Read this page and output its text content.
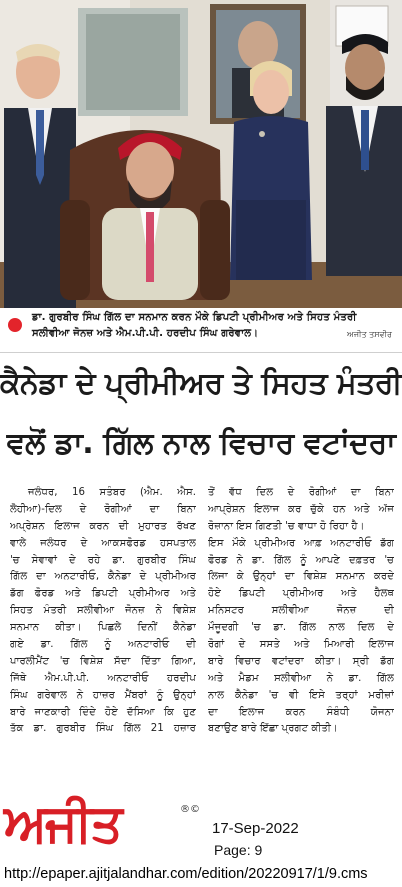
ਡਾ. ਗੁਰਬੀਰ ਸਿੰਘ ਗਿੱਲ ਦਾ ਸਨਮਾਨ ਕਰਨ ਮੌਕੇ ਡਿਪਟੀ ਪ੍ਰੀਮੀਅਰ ਅਤੇ ਸਿਹਤ ਮੰਤਰੀ
ਸਲੀਵੀਆ ਜੋਨਜ਼ ਅਤੇ ਐਮ.ਪੀ.ਪੀ. ਹਰਦੀਪ ਸਿੰਘ ਗਰੇਵਾਲ।	ਅਜੀਤ ਤਸਵੀਰ
ਕੈਨੇਡਾ ਦੇ ਪ੍ਰੀਮੀਅਰ ਤੇ ਸਿਹਤ ਮੰਤਰੀ
ਵਲੋਂ ਡਾ. ਗਿੱਲ ਨਾਲ ਵਿਚਾਰ ਵਟਾਂਦਰਾ
ਜਲੰਧਰ, 16 ਸਤੰਬਰ (ਐਮ. ਐਸ.
ਲੋਹੀਆ)-ਦਿਲ ਦੇ ਰੋਗੀਆਂ ਦਾ ਬਿਨਾ
ਅਪ੍ਰੇਸ਼ਨ ਇਲਾਜ ਕਰਨ ਦੀ ਮੁਹਾਰਤ ਰੱਖਣ
ਵਾਲੇ ਜਲੰਧਰ ਦੇ ਆਕਸਫੋਰਡ ਹਸਪਤਾਲ
'ਚ ਸੇਵਾਵਾਂ ਦੇ ਰਹੇ ਡਾ. ਗੁਰਬੀਰ ਸਿੰਘ
ਗਿੱਲ ਦਾ ਅਨਟਾਰੀਓ, ਕੈਨੇਡਾ ਦੇ ਪ੍ਰੀਮੀਅਰ
ਡੱਗ ਫੋਰਡ ਅਤੇ ਡਿਪਟੀ ਪ੍ਰੀਮੀਅਰ ਅਤੇ
ਸਿਹਤ ਮੰਤਰੀ ਸਲੀਵੀਆ ਜੋਨਜ਼ ਨੇ ਵਿਸ਼ੇਸ਼
ਸਨਮਾਨ ਕੀਤਾ। ਪਿਛਲੇ ਦਿਨੀਂ ਕੈਨੇਡਾ
ਗਏ ਡਾ. ਗਿੱਲ ਨੂੰ ਅਨਟਾਰੀਓ ਦੀ
ਪਾਰਲੀਮੈਂਟ 'ਚ ਵਿਸ਼ੇਸ਼ ਸੱਦਾ ਦਿੱਤਾ ਗਿਆ,
ਜਿੱਥੇ ਐਮ.ਪੀ.ਪੀ. ਅਨਟਾਰੀਓ ਹਰਦੀਪ
ਸਿੰਘ ਗਰੇਵਾਲ ਨੇ ਹਾਜ਼ਰ ਮੈਂਬਰਾਂ ਨੂੰ ਉਨ੍ਹਾਂ
ਬਾਰੇ ਜਾਣਕਾਰੀ ਦਿੰਦੇ ਹੋਏ ਦੱਸਿਆ ਕਿ ਹੁਣ
ਤੱਕ ਡਾ. ਗੁਰਬੀਰ ਸਿੰਘ ਗਿੱਲ 21 ਹਜ਼ਾਰ
ਤੋਂ ਵੱਧ ਦਿਲ ਦੇ ਰੋਗੀਆਂ ਦਾ ਬਿਨਾ
ਆਪ੍ਰੇਸ਼ਨ ਇਲਾਜ ਕਰ ਚੁੱਕੇ ਹਨ ਅਤੇ ਅੱਜ
ਰੋਜ਼ਾਨਾ ਇਸ ਗਿਣਤੀ 'ਚ ਵਾਧਾ ਹੋ ਰਿਹਾ ਹੈ।
ਇਸ ਮੌਕੇ ਪ੍ਰੀਮੀਅਰ ਆਫ਼ ਅਨਟਾਰੀਓ ਡੱਗ
ਫੋਰਡ ਨੇ ਡਾ. ਗਿੱਲ ਨੂੰ ਆਪਣੇ ਦਫ਼ਤਰ 'ਚ
ਲਿਜਾ ਕੇ ਉਨ੍ਹਾਂ ਦਾ ਵਿਸ਼ੇਸ਼ ਸਨਮਾਨ ਕਰਦੇ
ਹੋਏ ਡਿਪਟੀ ਪ੍ਰੀਮੀਅਰ ਅਤੇ ਹੈਲਥ
ਮਨਿਸਟਰ ਸਲੀਵੀਆ ਜੋਨਜ਼ ਦੀ
ਮੌਜੂਦਗੀ 'ਚ ਡਾ. ਗਿੱਲ ਨਾਲ ਦਿਲ ਦੇ
ਰੋਗਾਂ ਦੇ ਸਸਤੇ ਅਤੇ ਮਿਆਰੀ ਇਲਾਜ
ਬਾਰੇ ਵਿਚਾਰ ਵਟਾਂਦਰਾ ਕੀਤਾ। ਸ੍ਰੀ ਡੱਗ
ਅਤੇ ਮੈਡਮ ਸਲੀਵੀਆ ਨੇ ਡਾ. ਗਿੱਲ
ਨਾਲ ਕੈਨੇਡਾ 'ਚ ਵੀ ਇਸੇ ਤਰ੍ਹਾਂ ਮਰੀਜ਼ਾਂ
ਦਾ ਇਲਾਜ ਕਰਨ ਸੰਬੰਧੀ ਯੋਜਨਾ
ਬਣਾਉਣ ਬਾਰੇ ਇੱਛਾ ਪ੍ਰਗਟ ਕੀਤੀ।
ਅਜੀਤ	®©
17-Sep-2022
Page: 9
http://epaper.ajitjalandhar.com/edition/20220917/1/9.cms
